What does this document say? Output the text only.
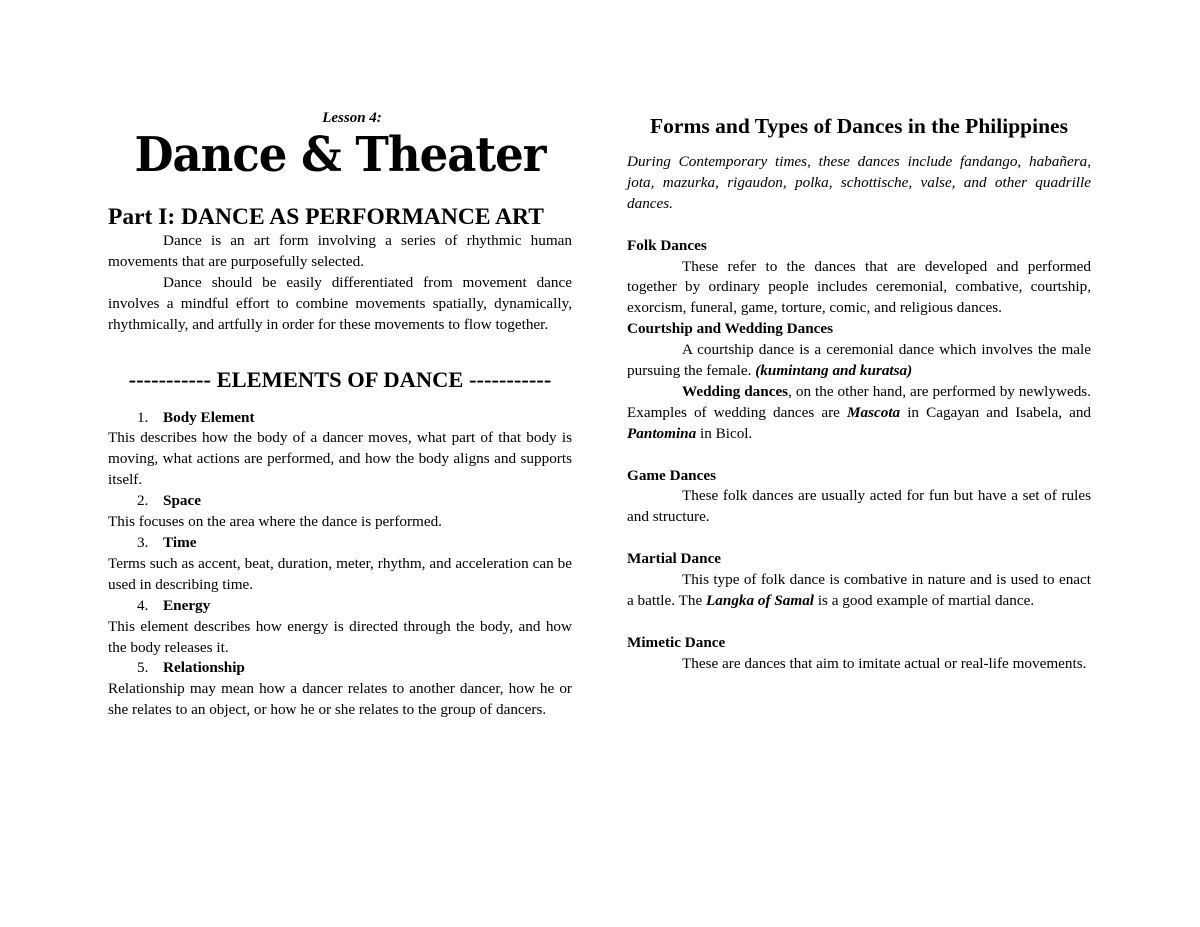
Lesson 4:
Dance & Theater
Part I: DANCE AS PERFORMANCE ART

Dance is an art form involving a series of rhythmic human movements that are purposefully selected.

Dance should be easily differentiated from movement dance involves a mindful effort to combine movements spatially, dynamically, rhythmically, and artfully in order for these movements to flow together.

----------- ELEMENTS OF DANCE -----------
1. Body Element

This describes how the body of a dancer moves, what part of that body is moving, what actions are performed, and how the body aligns and supports itself.

2. Space

This focuses on the area where the dance is performed.

3. Time

Terms such as accent, beat, duration, meter, rhythm, and acceleration can be used in describing time.

4. Energy

This element describes how energy is directed through the body, and how the body releases it.

5. Relationship

Relationship may mean how a dancer relates to another dancer, how he or she relates to an object, or how he or she relates to the group of dancers.

Forms and Types of Dances in the Philippines

During Contemporary times, these dances include fandango, habañera, jota, mazurka, rigaudon, polka, schottische, valse, and other quadrille dances.

Folk Dances

These refer to the dances that are developed and performed together by ordinary people includes ceremonial, combative, courtship, exorcism, funeral, game, torture, comic, and religious dances.

Courtship and Wedding Dances

A courtship dance is a ceremonial dance which involves the male pursuing the female. (kumintang and kuratsa)

Wedding dances, on the other hand, are performed by newlyweds. Examples of wedding dances are Mascota in Cagayan and Isabela, and Pantomina in Bicol.

Game Dances

These folk dances are usually acted for fun but have a set of rules and structure.

Martial Dance

This type of folk dance is combative in nature and is used to enact a battle. The Langka of Samal is a good example of martial dance.

Mimetic Dance

These are dances that aim to imitate actual or real-life movements.
